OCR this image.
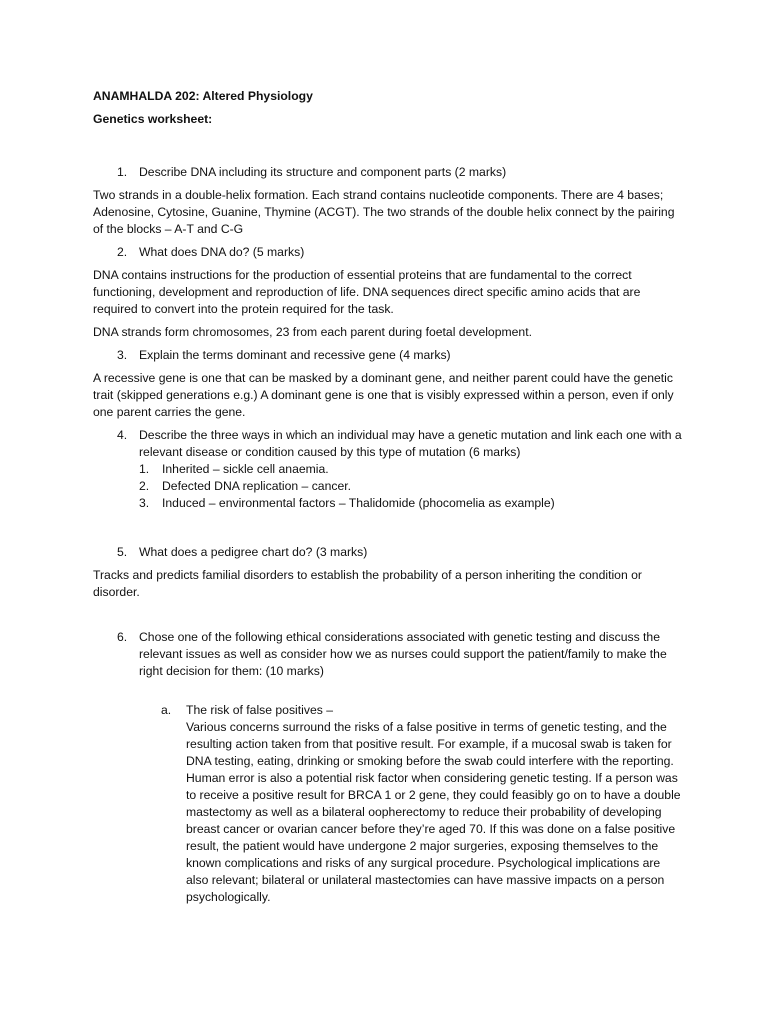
ANAMHALDA 202: Altered Physiology

Genetics worksheet:

1. Describe DNA including its structure and component parts (2 marks)

Two strands in a double-helix formation. Each strand contains nucleotide components. There are 4 bases; Adenosine, Cytosine, Guanine, Thymine (ACGT). The two strands of the double helix connect by the pairing of the blocks – A-T and C-G

2. What does DNA do? (5 marks)

DNA contains instructions for the production of essential proteins that are fundamental to the correct functioning, development and reproduction of life. DNA sequences direct specific amino acids that are required to convert into the protein required for the task.

DNA strands form chromosomes, 23 from each parent during foetal development.

3. Explain the terms dominant and recessive gene (4 marks)

A recessive gene is one that can be masked by a dominant gene, and neither parent could have the genetic trait (skipped generations e.g.) A dominant gene is one that is visibly expressed within a person, even if only one parent carries the gene.

4. Describe the three ways in which an individual may have a genetic mutation and link each one with a relevant disease or condition caused by this type of mutation (6 marks)
1. Inherited – sickle cell anaemia.
2. Defected DNA replication – cancer.
3. Induced – environmental factors – Thalidomide (phocomelia as example)
5. What does a pedigree chart do? (3 marks)

Tracks and predicts familial disorders to establish the probability of a person inheriting the condition or disorder.

6. Chose one of the following ethical considerations associated with genetic testing and discuss the relevant issues as well as consider how we as nurses could support the patient/family to make the right decision for them: (10 marks)
a. The risk of false positives –
Various concerns surround the risks of a false positive in terms of genetic testing, and the resulting action taken from that positive result. For example, if a mucosal swab is taken for DNA testing, eating, drinking or smoking before the swab could interfere with the reporting. Human error is also a potential risk factor when considering genetic testing. If a person was to receive a positive result for BRCA 1 or 2 gene, they could feasibly go on to have a double mastectomy as well as a bilateral oopherectomy to reduce their probability of developing breast cancer or ovarian cancer before they’re aged 70. If this was done on a false positive result, the patient would have undergone 2 major surgeries, exposing themselves to the known complications and risks of any surgical procedure. Psychological implications are also relevant; bilateral or unilateral mastectomies can have massive impacts on a person psychologically.
